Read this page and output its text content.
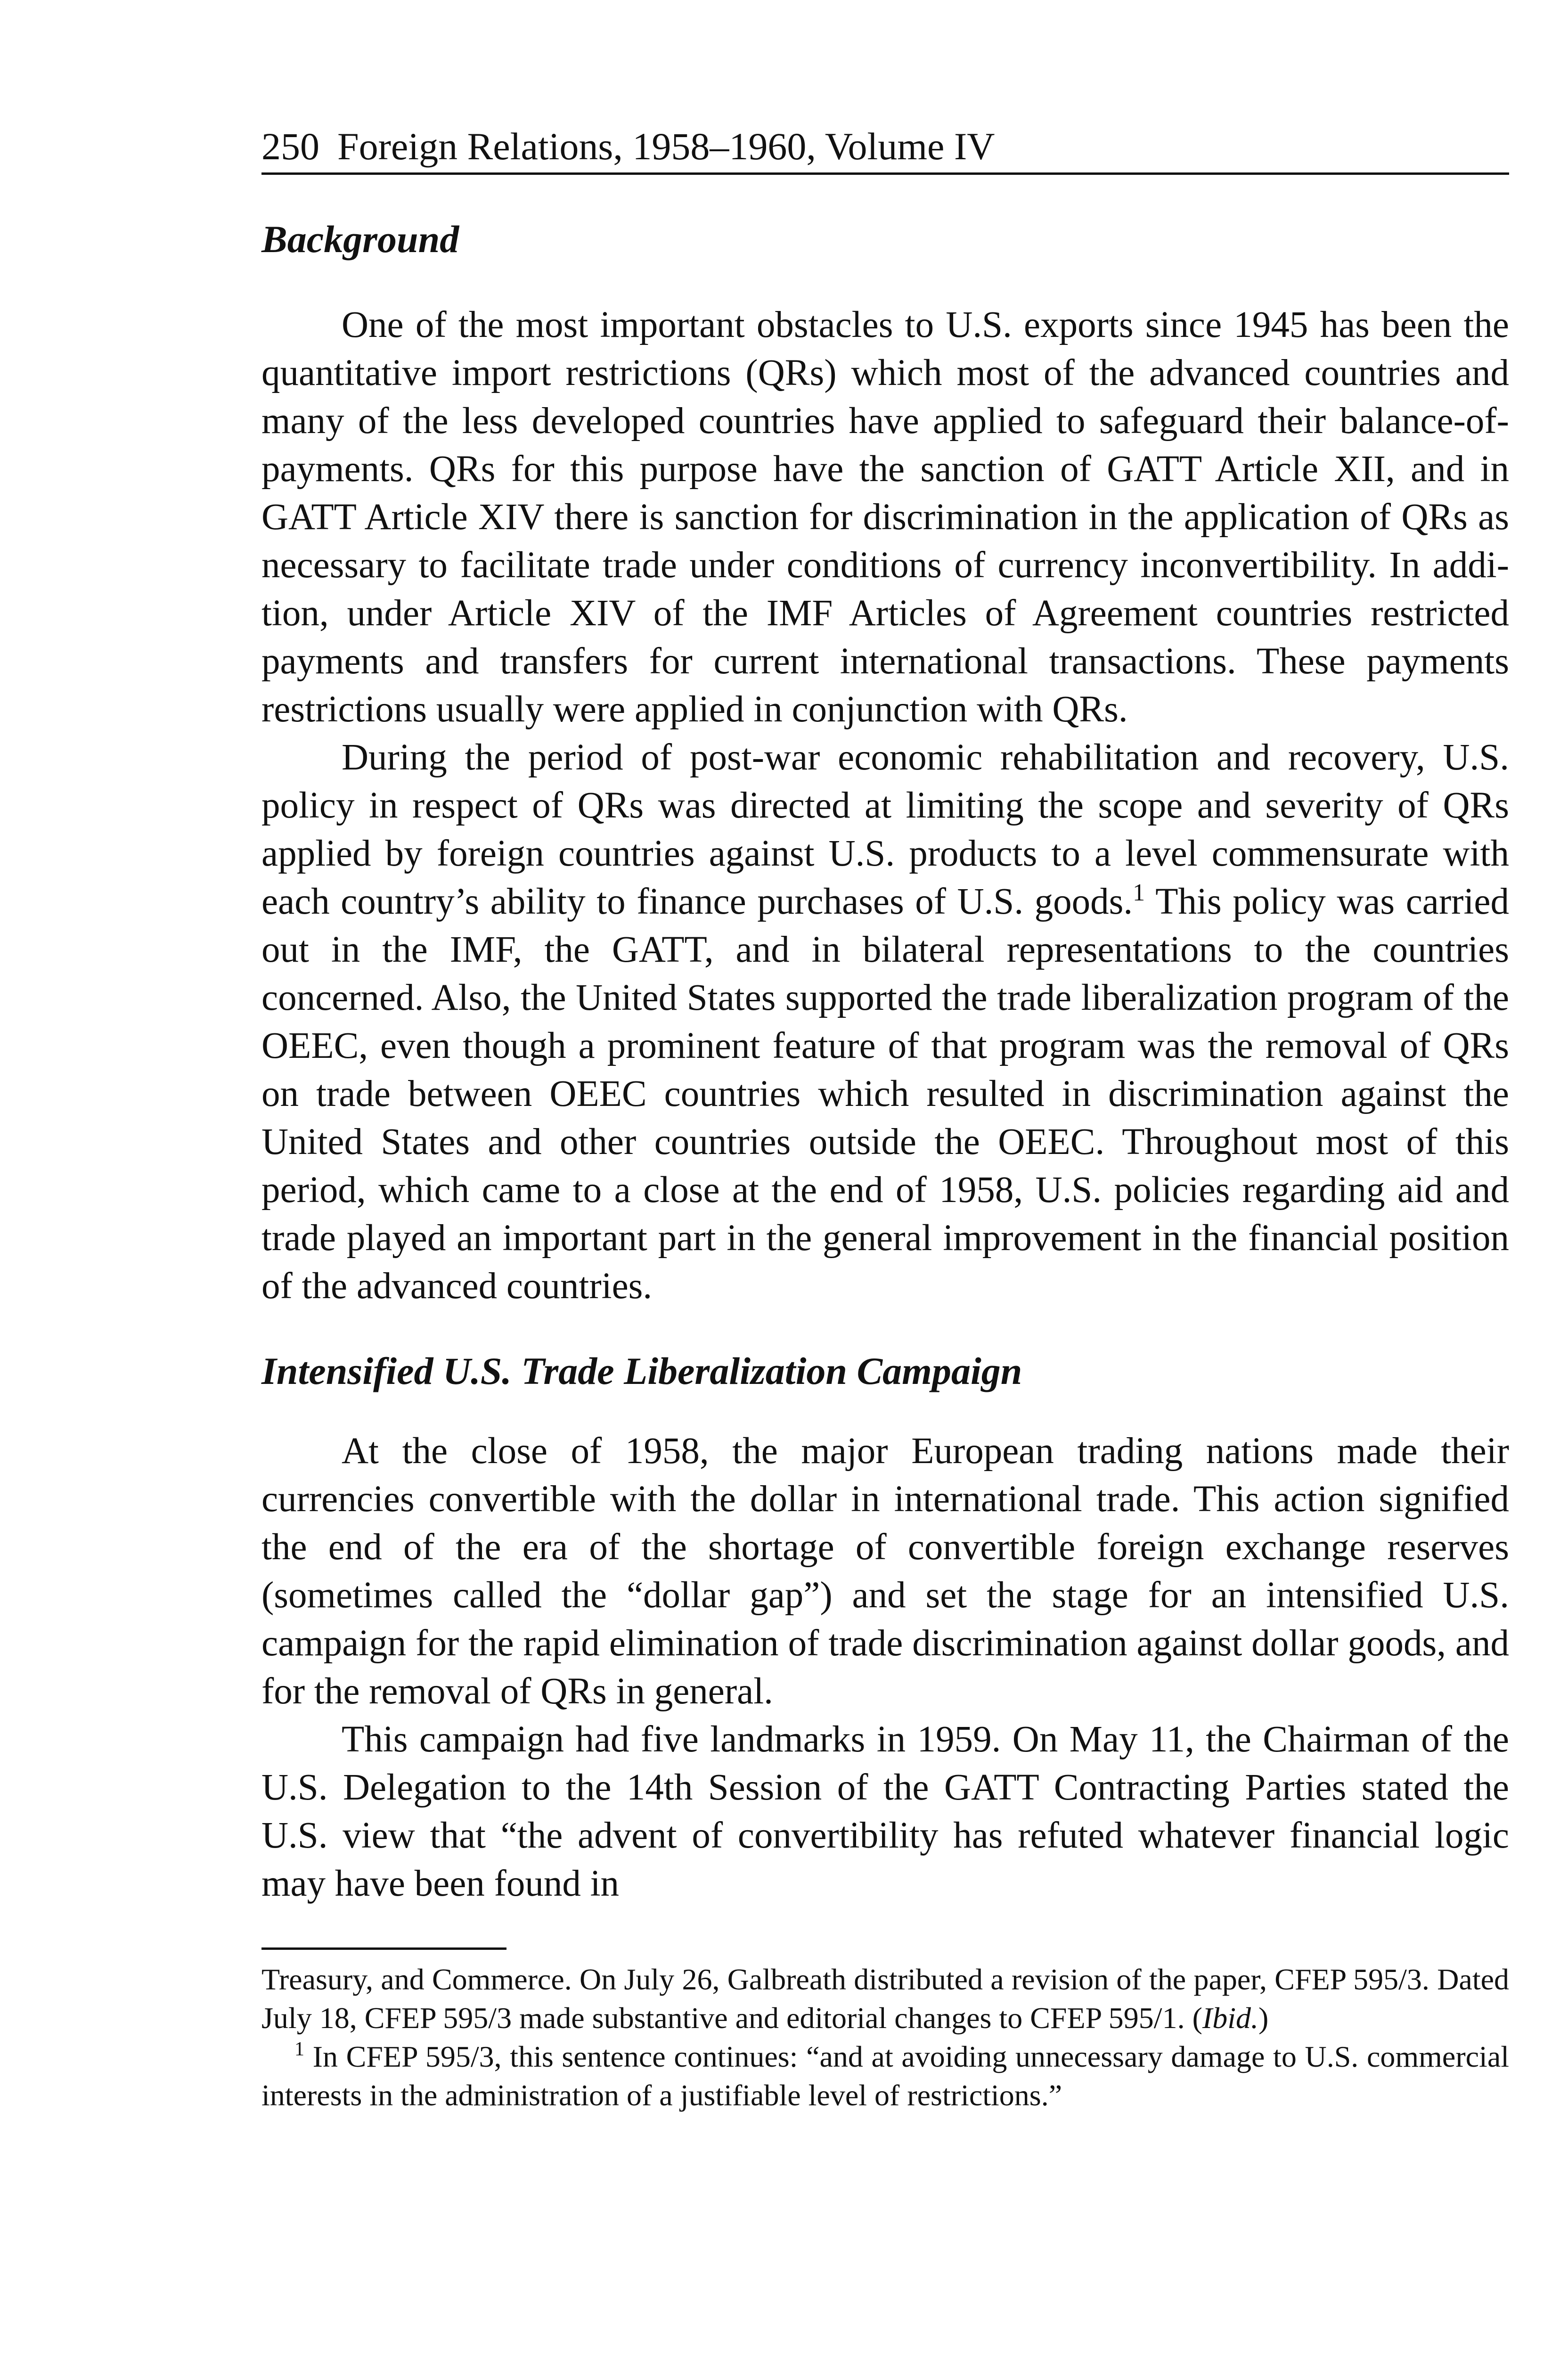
250 Foreign Relations, 1958–1960, Volume IV
Background

One of the most important obstacles to U.S. exports since 1945 has been the quantitative import restrictions (QRs) which most of the advanced countries and many of the less developed countries have applied to safeguard their balance-of-payments. QRs for this purpose have the sanction of GATT Article XII, and in GATT Article XIV there is sanction for discrimination in the application of QRs as necessary to facilitate trade under conditions of currency inconvertibility. In addition, under Article XIV of the IMF Articles of Agreement countries restricted payments and transfers for current international transactions. These payments restrictions usually were applied in conjunction with QRs.

During the period of post-war economic rehabilitation and recovery, U.S. policy in respect of QRs was directed at limiting the scope and severity of QRs applied by foreign countries against U.S. products to a level commensurate with each country’s ability to finance purchases of U.S. goods.$^1$ This policy was carried out in the IMF, the GATT, and in bilateral representations to the countries concerned. Also, the United States supported the trade liberalization program of the OEEC, even though a prominent feature of that program was the removal of QRs on trade between OEEC countries which resulted in discrimination against the United States and other countries outside the OEEC. Throughout most of this period, which came to a close at the end of 1958, U.S. policies regarding aid and trade played an important part in the general improvement in the financial position of the advanced countries.

Intensified U.S. Trade Liberalization Campaign

At the close of 1958, the major European trading nations made their currencies convertible with the dollar in international trade. This action signified the end of the era of the shortage of convertible foreign exchange reserves (sometimes called the “dollar gap”) and set the stage for an intensified U.S. campaign for the rapid elimination of trade discrimination against dollar goods, and for the removal of QRs in general.

This campaign had five landmarks in 1959. On May 11, the Chairman of the U.S. Delegation to the 14th Session of the GATT Contracting Parties stated the U.S. view that “the advent of convertibility has refuted whatever financial logic may have been found in

Treasury, and Commerce. On July 26, Galbreath distributed a revision of the paper, CFEP 595/3. Dated July 18, CFEP 595/3 made substantive and editorial changes to CFEP 595/1. (Ibid.)

$^1$ In CFEP 595/3, this sentence continues: “and at avoiding unnecessary damage to U.S. commercial interests in the administration of a justifiable level of restrictions.”
